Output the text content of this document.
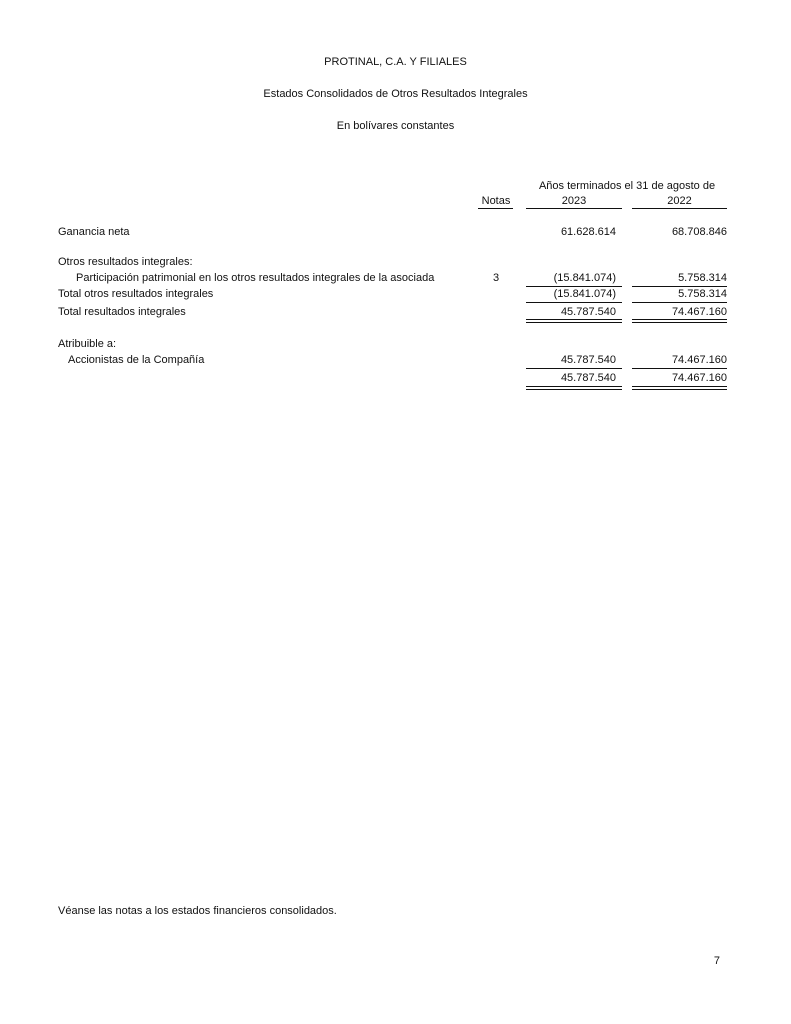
PROTINAL, C.A. Y FILIALES
Estados Consolidados de Otros Resultados Integrales
En bolívares constantes
Años terminados el 31 de agosto de
Notas	2023	2022
Ganancia neta	61.628.614	68.708.846
Otros resultados integrales:
Participación patrimonial en los otros resultados integrales de la asociada	3	(15.841.074)	5.758.314
Total otros resultados integrales	(15.841.074)	5.758.314
Total resultados integrales	45.787.540	74.467.160
Atribuible a:
Accionistas de la Compañía	45.787.540	74.467.160
45.787.540	74.467.160
Véanse las notas a los estados financieros consolidados.
7
